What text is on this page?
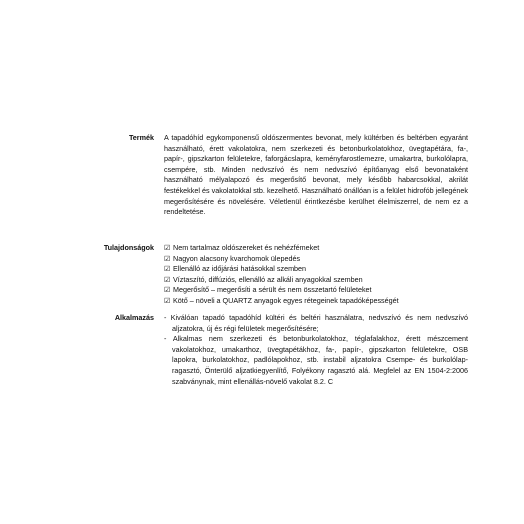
Termék	A tapadóhíd egykomponensű oldószermentes bevonat, mely kültérben és beltérben egyaránt használható, érett vakolatokra, nem szerkezeti és betonburkolatokhoz, üvegtapétára, fa-, papír-, gipszkarton felületekre, faforgácslapra, keményfarostlemezre, umakartra, burkolólapra, csempére, stb. Minden nedvszívó és nem nedvszívó építőanyag első bevonataként használható mélyalapozó és megerősítő bevonat, mely később habarcsokkal, akrilát festékekkel és vakolatokkal stb. kezelhető. Használható önállóan is a felület hidrofób jellegének megerősítésére és növelésére. Véletlenül érintkezésbe kerülhet élelmiszerrel, de nem ez a rendeltetése.

Tulajdonságok	☑ Nem tartalmaz oldószereket és nehézfémeket
☑ Nagyon alacsony kvarchomok ülepedés
☑ Ellenálló az időjárási hatásokkal szemben
☑ Víztaszító, diffúziós, ellenálló az alkáli anyagokkal szemben
☑ Megerősítő – megerősíti a sérült és nem összetartó felületeket
☑ Kötő – növeli a QUARTZ anyagok egyes rétegeinek tapadóképességét
Alkalmazás	- Kiválóan tapadó tapadóhíd kültéri és beltéri használatra, nedvszívó és nem nedvszívó aljzatokra, új és régi felületek megerősítésére;

- Alkalmas nem szerkezeti és betonburkolatokhoz, téglafalakhoz, érett mészcement vakolatokhoz, umakarthoz, üvegtapétákhoz, fa-, papír-, gipszkarton felületekre, OSB lapokra, burkolatokhoz, padlólapokhoz, stb. instabil aljzatokra Csempe- és burkolólap-ragasztó, Önterülő aljzatkiegyenlítő, Folyékony ragasztó alá. Megfelel az EN 1504-2:2006 szabványnak, mint ellenállás-növelő vakolat 8.2. C
